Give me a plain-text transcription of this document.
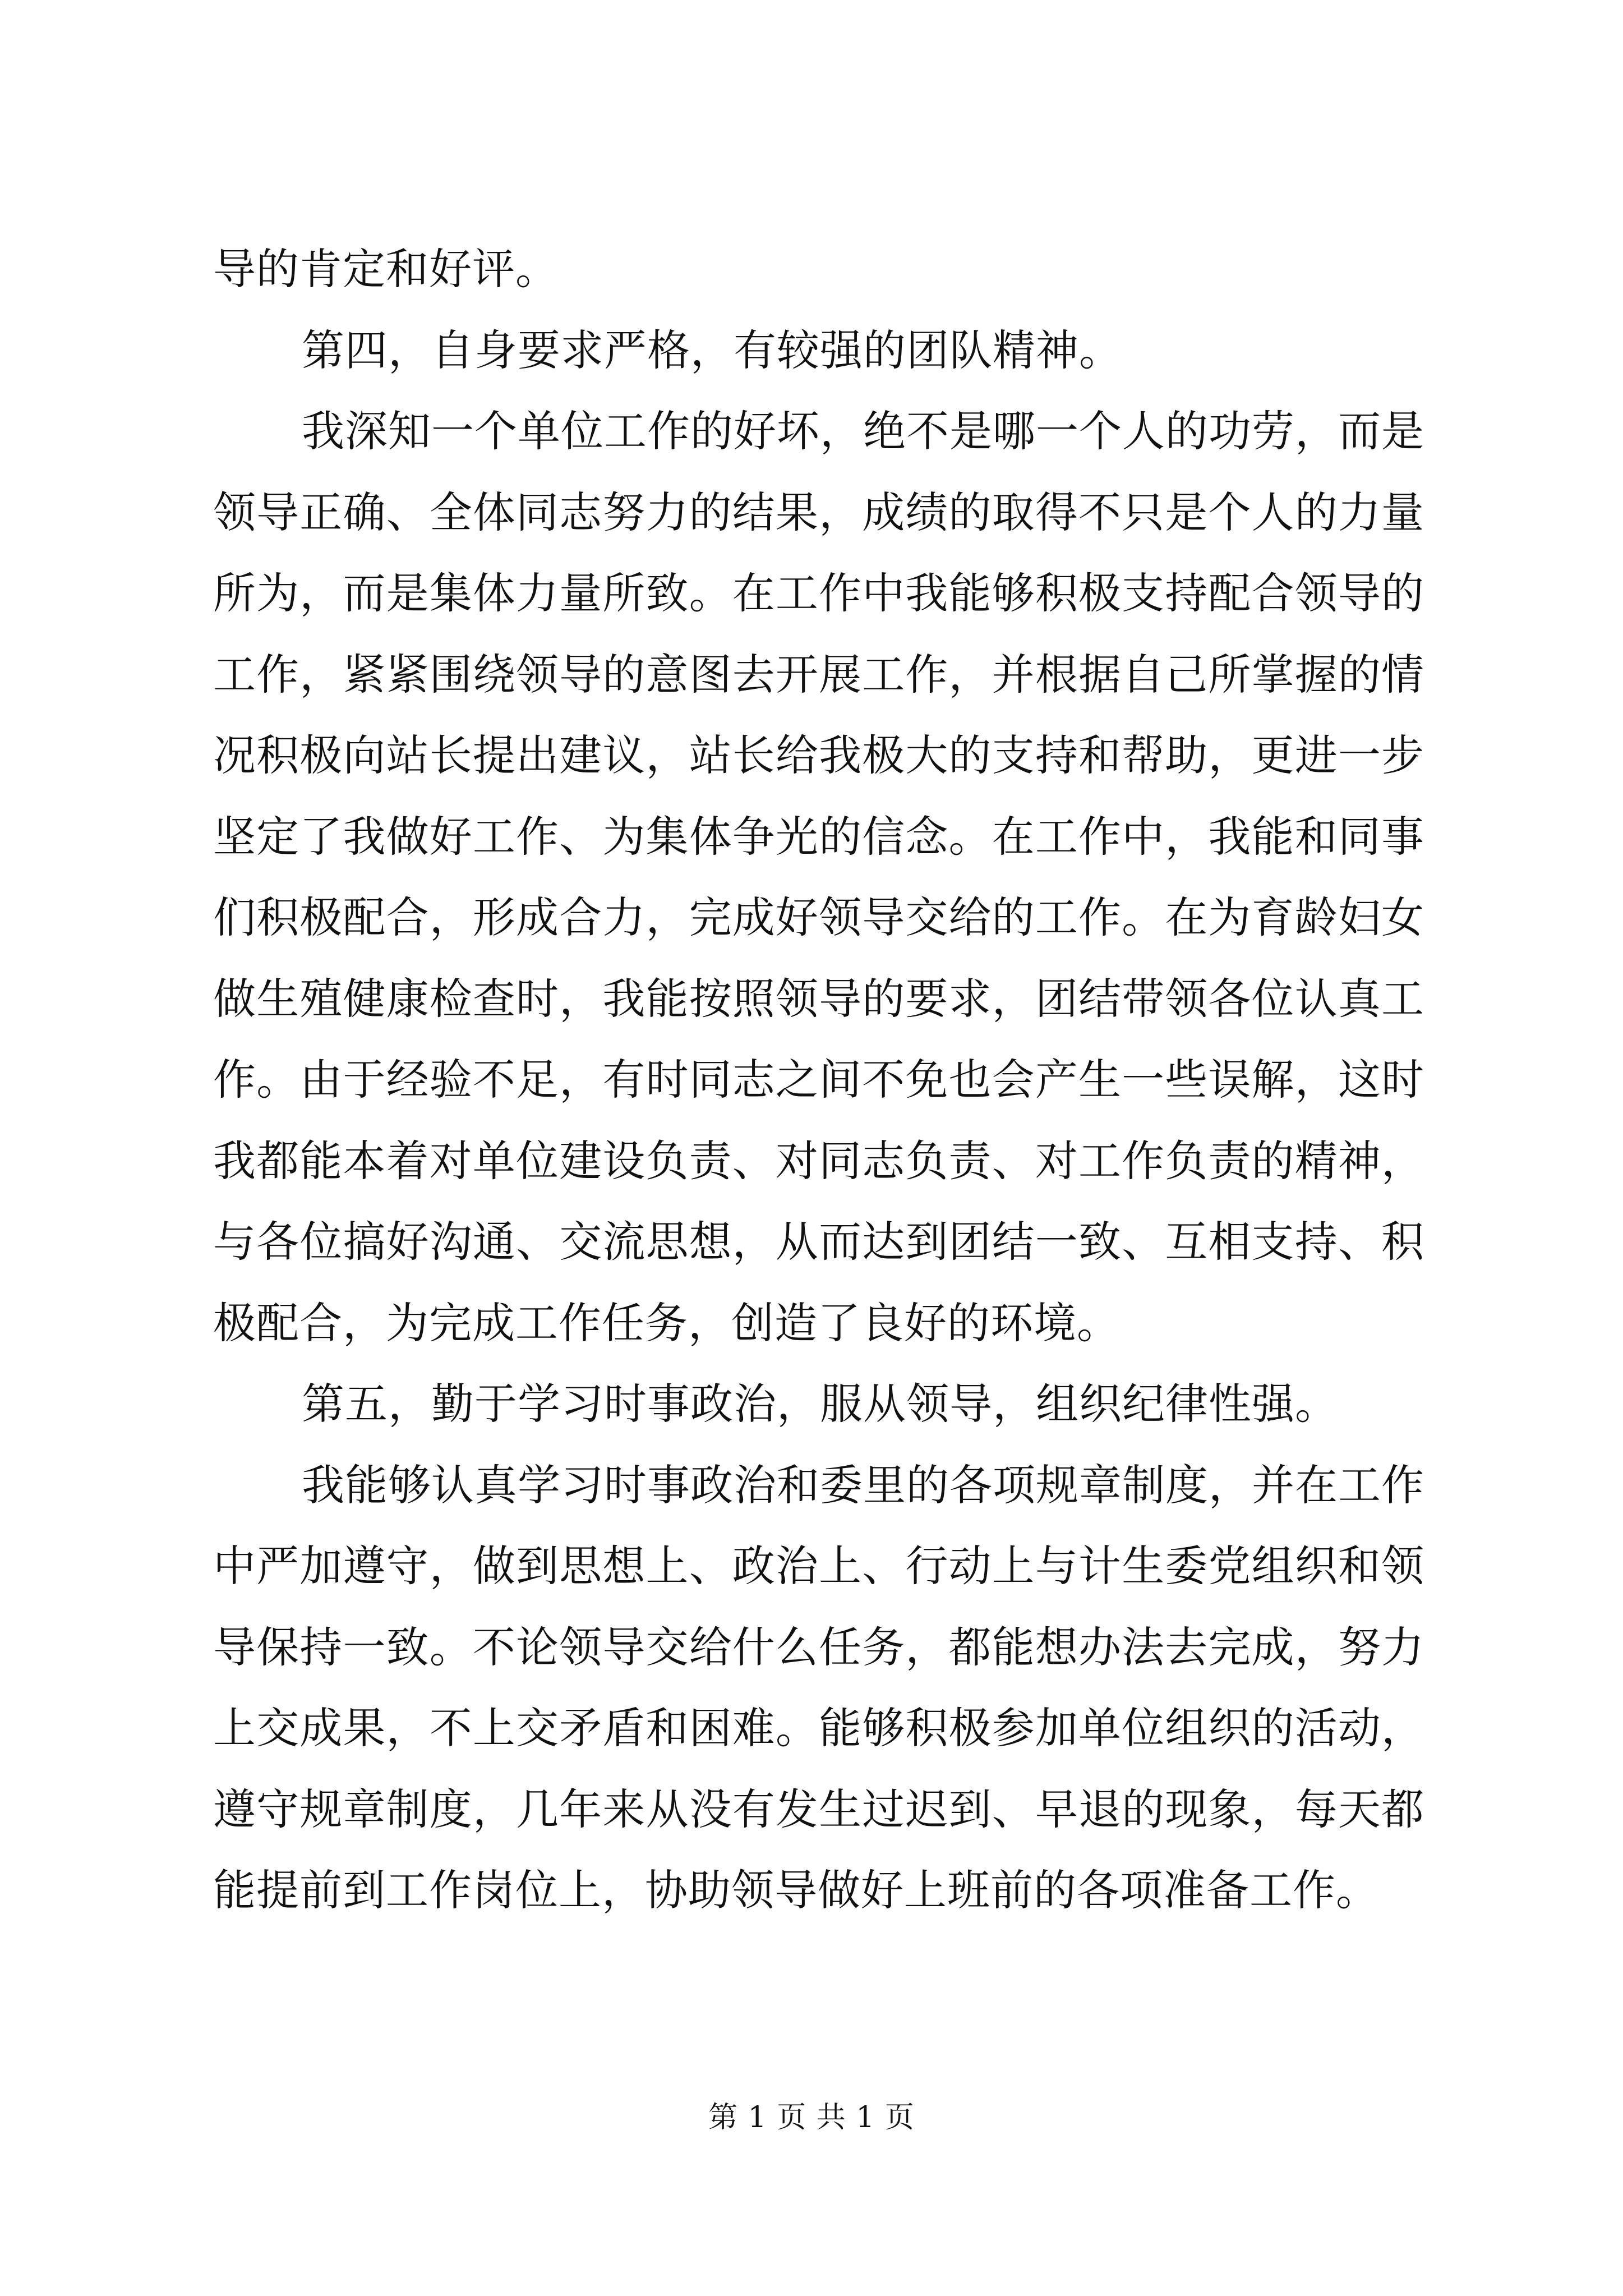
导的肯定和好评。

第四，自身要求严格，有较强的团队精神。

我深知一个单位工作的好坏，绝不是哪一个人的功劳，而是领导正确、全体同志努力的结果，成绩的取得不只是个人的力量所为，而是集体力量所致。在工作中我能够积极支持配合领导的工作，紧紧围绕领导的意图去开展工作，并根据自己所掌握的情况积极向站长提出建议，站长给我极大的支持和帮助，更进一步坚定了我做好工作、为集体争光的信念。在工作中，我能和同事们积极配合，形成合力，完成好领导交给的工作。在为育龄妇女做生殖健康检查时，我能按照领导的要求，团结带领各位认真工作。由于经验不足，有时同志之间不免也会产生一些误解，这时我都能本着对单位建设负责、对同志负责、对工作负责的精神，与各位搞好沟通、交流思想，从而达到团结一致、互相支持、积极配合，为完成工作任务，创造了良好的环境。

第五，勤于学习时事政治，服从领导，组织纪律性强。

我能够认真学习时事政治和委里的各项规章制度，并在工作中严加遵守，做到思想上、政治上、行动上与计生委党组织和领导保持一致。不论领导交给什么任务，都能想办法去完成，努力上交成果，不上交矛盾和困难。能够积极参加单位组织的活动，遵守规章制度，几年来从没有发生过迟到、早退的现象，每天都能提前到工作岗位上，协助领导做好上班前的各项准备工作。

第 1 页 共 1 页
